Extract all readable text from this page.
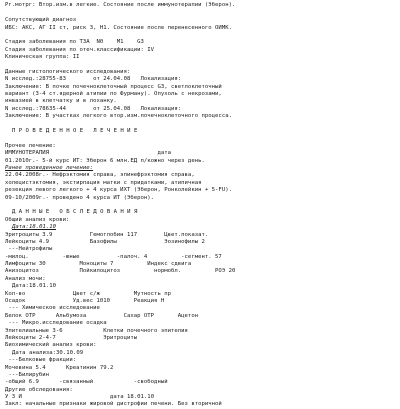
Рг.мотрг: Втор.изм.в легкие. Состояние после иммунотерапии (Эберон).
Сопутствующий диагноз
ИБС: АКС, АГ II ст, риск 3, Н1. Состояние после перенесенного ОИМК.
Стадия заболевания по T3A  N0    M1    G3
Стадия заболевания по отеч.классификации: IV
Клиническая группа: II
Данные гистологического исследования:
N исслед.:28755-83        от 24.04.08   Локализация:
Заключение: В почке почечноклеточный процесс G3, светлоклеточный
вариант (3-4 ст.ядерной атипии по Фурману). Опухоль с некрозами,
инвазией в клетчатку и в лоханку.
N исслед.:78635-44        от 25.04.08   Локализация:
Заключение: В участках легкого втор.изм.почечноклеточного процесса.
П Р О В Е Д Е Н Н О Е   Л Е Ч Е Н И Е
Прочее лечение:
ИММУНОТЕРАПИЯ	дата
01.2010г.- 5-й курс ИТ: Эберон 6 млн.ЕД п/кожно через день.
Ранее проведенное лечение:
22.04.2008г.- Нефрэктомия справа, эпинефрэктомия справа,
холецистэктомия, экстирпация матки с придатками, атипичная
резекция левого легкого + 4 курса ИХТ (Эберон, Ронколейкин + 5-FU).
09-10/2009г.- проведено 4 курса ИТ (Эберон).
Д А Н Н Ы Е   О Б С Л Е Д О В А Н И Я
Общий анализ крови:
Дата:18.01.10
Эритроциты 3.9           Гемоглобин 117        Цвет.показат.
Лейкоциты 4.9            Базофилы              Эозинофилы 2
---Нейтрофилы
-милоц.          -юные           -палоч. 4          -сегмент. 57
Лимфоциты 30          Моноциты 7          Индекс сдвига
Анизоцитоз            Пойкилоцитоз          нормобл.          РОЭ 20
Анализ мочи:
Дата:18.01.10
Кол-во              Цвет с/ж          Мутность пр
Осадок              Уд.вес 1010       Реакция Н
--- Химическое исследование
Белок ОТР      Альбумоза           Сахар ОТР       Ацетон
--- Микро.исследование осадка
Эпителиальные 3-6            Клетки почечного эпителия
Лейкоциты 2-4-7              Эритроциты
Биохимический анализ крови:
Дата анализа:30.10.09
---Белковые фракции:
Мочевина 5.4      Креатинин 79.2
---Билирубин
-общий 6.9      -связанный            -свободный
Другие обследования:
У З И	дата 18.01.10
Закл: начальные признаки жировой дистрофии печени. Без вторичной
